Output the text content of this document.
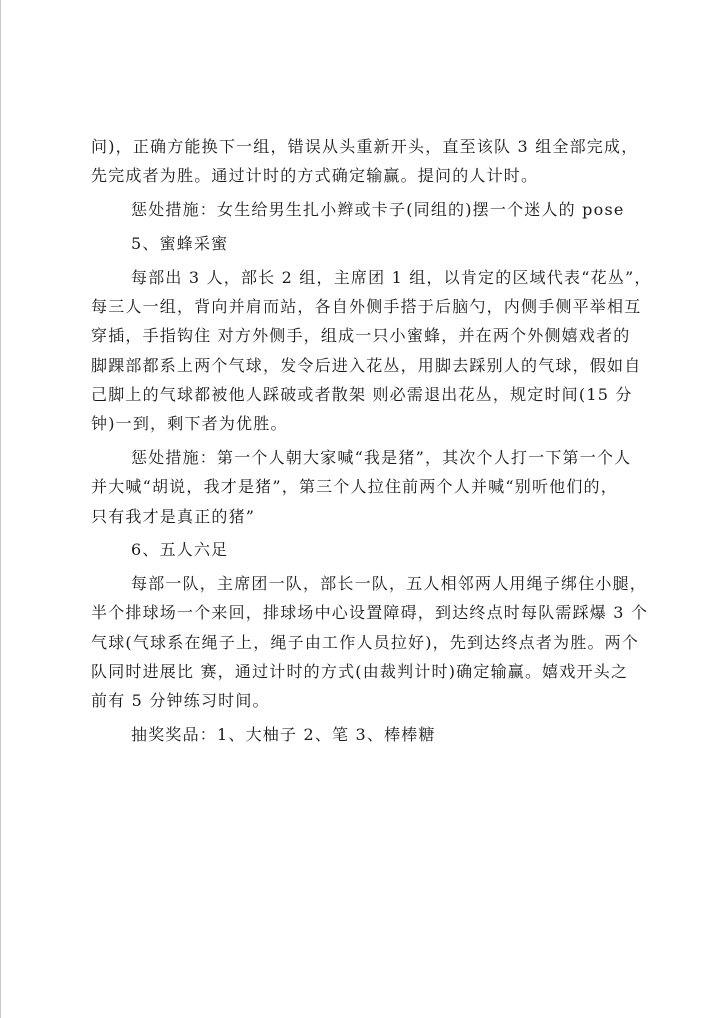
问)，正确方能换下一组，错误从头重新开头，直至该队 3 组全部完成，
先完成者为胜。通过计时的方式确定输赢。提问的人计时。
惩处措施：女生给男生扎小辫或卡子(同组的)摆一个迷人的 pose
5、蜜蜂采蜜
每部出 3 人，部长 2 组，主席团 1 组，以肯定的区域代表“花丛”，
每三人一组，背向并肩而站，各自外侧手搭于后脑勺，内侧手侧平举相互
穿插，手指钩住 对方外侧手，组成一只小蜜蜂，并在两个外侧嬉戏者的
脚踝部都系上两个气球，发令后进入花丛，用脚去踩别人的气球，假如自
己脚上的气球都被他人踩破或者散架 则必需退出花丛，规定时间(15 分
钟)一到，剩下者为优胜。
惩处措施：第一个人朝大家喊“我是猪”，其次个人打一下第一个人
并大喊“胡说，我才是猪”，第三个人拉住前两个人并喊“别听他们的，
只有我才是真正的猪”
6、五人六足
每部一队，主席团一队，部长一队，五人相邻两人用绳子绑住小腿，
半个排球场一个来回，排球场中心设置障碍，到达终点时每队需踩爆 3 个
气球(气球系在绳子上，绳子由工作人员拉好)，先到达终点者为胜。两个
队同时进展比 赛，通过计时的方式(由裁判计时)确定输赢。嬉戏开头之
前有 5 分钟练习时间。
抽奖奖品：1、大柚子 2、笔 3、棒棒糖
